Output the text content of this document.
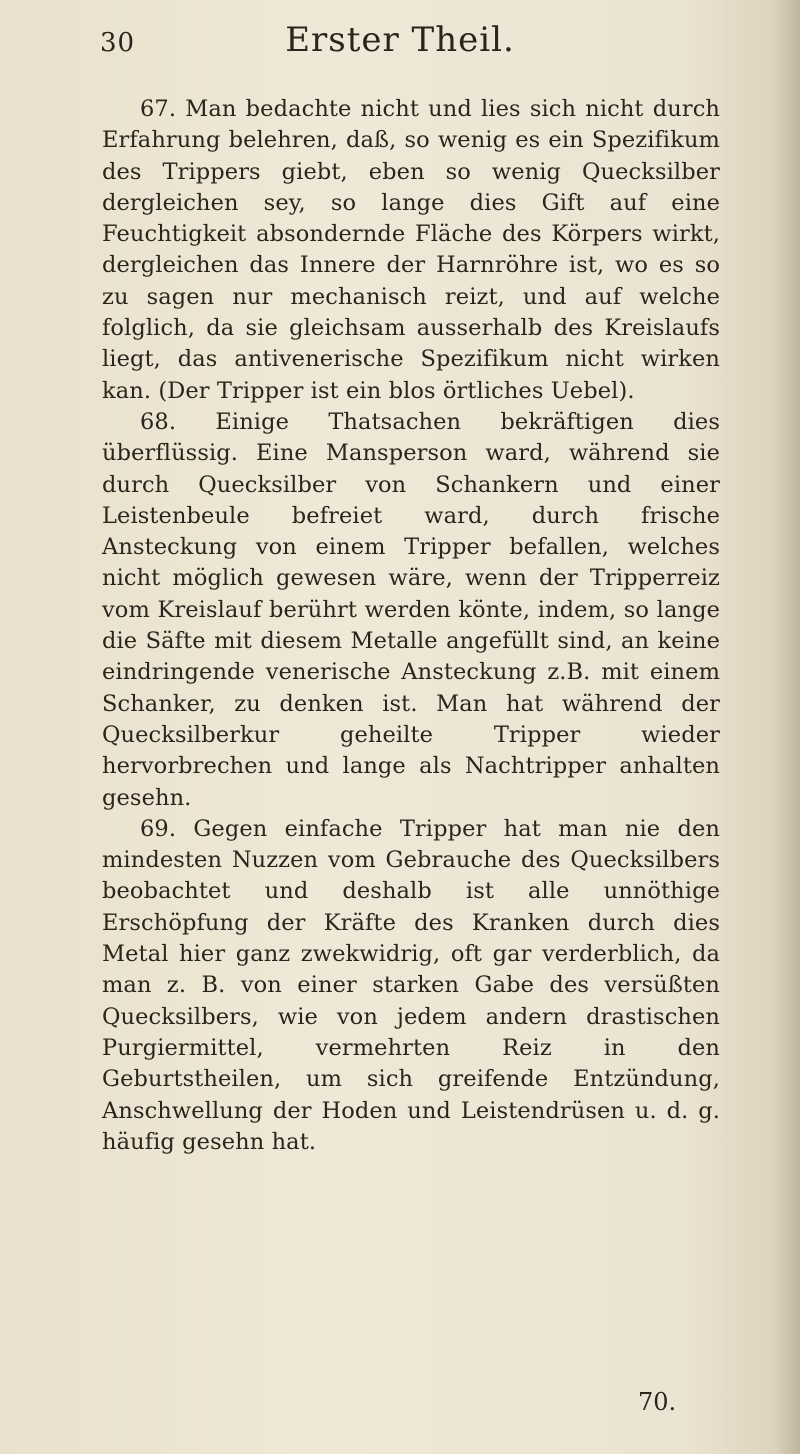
30	Erster Theil.

67. Man bedachte nicht und lies sich nicht durch Erfahrung belehren, daß, so wenig es ein Spezifikum des Trippers giebt, eben so wenig Quecksilber dergleichen sey, so lange dies Gift auf eine Feuchtigkeit absondernde Fläche des Körpers wirkt, dergleichen das Innere der Harnröhre ist, wo es so zu sagen nur mechanisch reizt, und auf welche folglich, da sie gleichsam ausserhalb des Kreislaufs liegt, das antivenerische Spezifikum nicht wirken kan. (Der Tripper ist ein blos örtliches Uebel).

68. Einige Thatsachen bekräftigen dies überflüssig. Eine Mansperson ward, während sie durch Quecksilber von Schankern und einer Leistenbeule befreiet ward, durch frische Ansteckung von einem Tripper befallen, welches nicht möglich gewesen wäre, wenn der Tripperreiz vom Kreislauf berührt werden könte, indem, so lange die Säfte mit diesem Metalle angefüllt sind, an keine eindringende venerische Ansteckung z.B. mit einem Schanker, zu denken ist. Man hat während der Quecksilberkur geheilte Tripper wieder hervorbrechen und lange als Nachtripper anhalten gesehn.

69. Gegen einfache Tripper hat man nie den mindesten Nuzzen vom Gebrauche des Quecksilbers beobachtet und deshalb ist alle unnöthige Erschöpfung der Kräfte des Kranken durch dies Metal hier ganz zwekwidrig, oft gar verderblich, da man z. B. von einer starken Gabe des versüßten Quecksilbers, wie von jedem andern drastischen Purgiermittel, vermehrten Reiz in den Geburtstheilen, um sich greifende Entzündung, Anschwellung der Hoden und Leistendrüsen u. d. g. häufig gesehn hat.

70.
